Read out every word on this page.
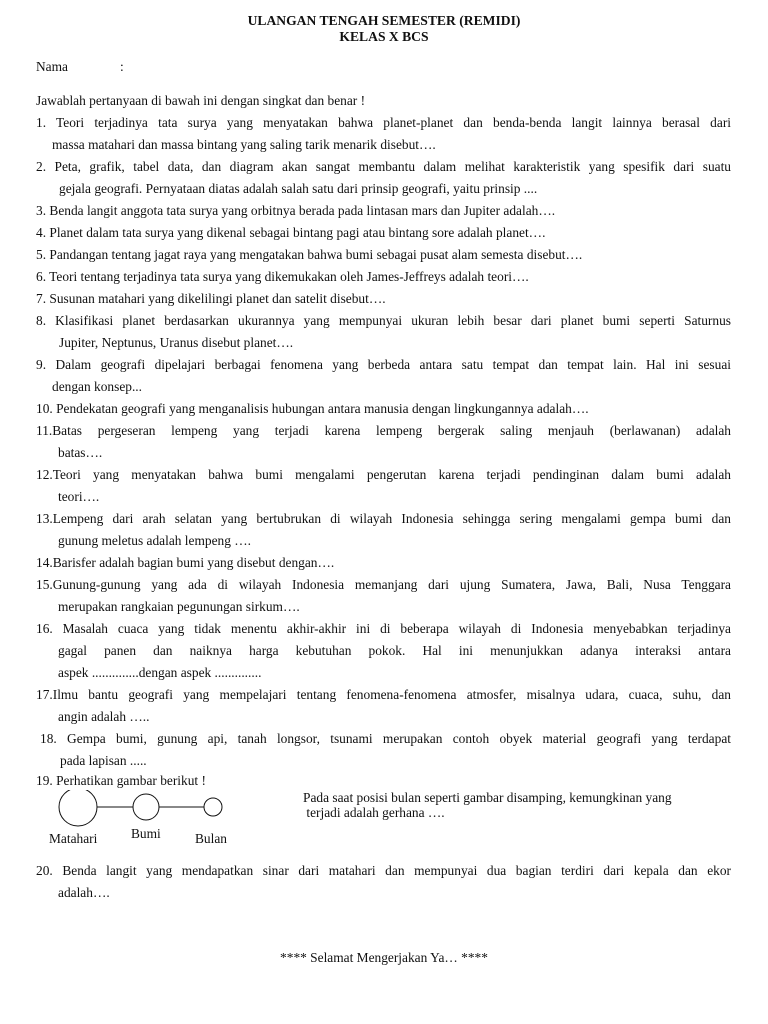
ULANGAN TENGAH SEMESTER (REMIDI)
KELAS X BCS
Nama	:
Jawablah pertanyaan di bawah ini dengan singkat dan benar !
1. Teori terjadinya tata surya yang menyatakan bahwa planet-planet dan benda-benda langit lainnya berasal dari
massa matahari dan massa bintang yang saling tarik menarik disebut….
2. Peta, grafik, tabel data, dan diagram akan sangat membantu dalam melihat karakteristik yang spesifik dari suatu
gejala geografi. Pernyataan diatas adalah salah satu dari prinsip geografi, yaitu prinsip ....
3. Benda langit anggota tata surya yang orbitnya berada pada lintasan mars dan Jupiter adalah….
4. Planet dalam tata surya yang dikenal sebagai bintang pagi atau bintang sore adalah planet….
5. Pandangan tentang jagat raya yang mengatakan bahwa bumi sebagai pusat alam semesta disebut….
6. Teori tentang terjadinya tata surya yang dikemukakan oleh James-Jeffreys adalah teori….
7. Susunan matahari yang dikelilingi planet dan satelit disebut….
8. Klasifikasi planet berdasarkan ukurannya yang mempunyai ukuran lebih besar dari planet bumi seperti Saturnus
Jupiter, Neptunus, Uranus disebut planet….
9. Dalam geografi dipelajari berbagai fenomena yang berbeda antara satu tempat dan tempat lain. Hal ini sesuai
dengan konsep...
10. Pendekatan geografi yang menganalisis hubungan antara manusia dengan lingkungannya adalah….
11.Batas pergeseran lempeng yang terjadi karena lempeng bergerak saling menjauh (berlawanan) adalah
batas….
12.Teori yang menyatakan bahwa bumi mengalami pengerutan karena terjadi pendinginan dalam bumi adalah
teori….
13.Lempeng dari arah selatan yang bertubrukan di wilayah Indonesia sehingga sering mengalami gempa bumi dan
gunung meletus adalah lempeng ….
14.Barisfer adalah bagian bumi yang disebut dengan….
15.Gunung-gunung yang ada di wilayah Indonesia memanjang dari ujung Sumatera, Jawa, Bali, Nusa Tenggara
merupakan rangkaian pegunungan sirkum….
16. Masalah cuaca yang tidak menentu akhir-akhir ini di beberapa wilayah di Indonesia menyebabkan terjadinya
gagal panen dan naiknya harga kebutuhan pokok. Hal ini menunjukkan adanya interaksi antara
aspek ..............dengan aspek ..............
17.Ilmu bantu geografi yang mempelajari tentang fenomena-fenomena atmosfer, misalnya udara, cuaca, suhu, dan
angin adalah …..
18. Gempa bumi, gunung api, tanah longsor, tsunami merupakan contoh obyek material geografi yang terdapat
pada lapisan .....
19. Perhatikan gambar berikut !
Matahari	Bumi	Bulan
Pada saat posisi bulan seperti gambar disamping, kemungkinan yang
terjadi adalah gerhana ….
20. Benda langit yang mendapatkan sinar dari matahari dan mempunyai dua bagian terdiri dari kepala dan ekor
adalah….
**** Selamat Mengerjakan Ya… ****
